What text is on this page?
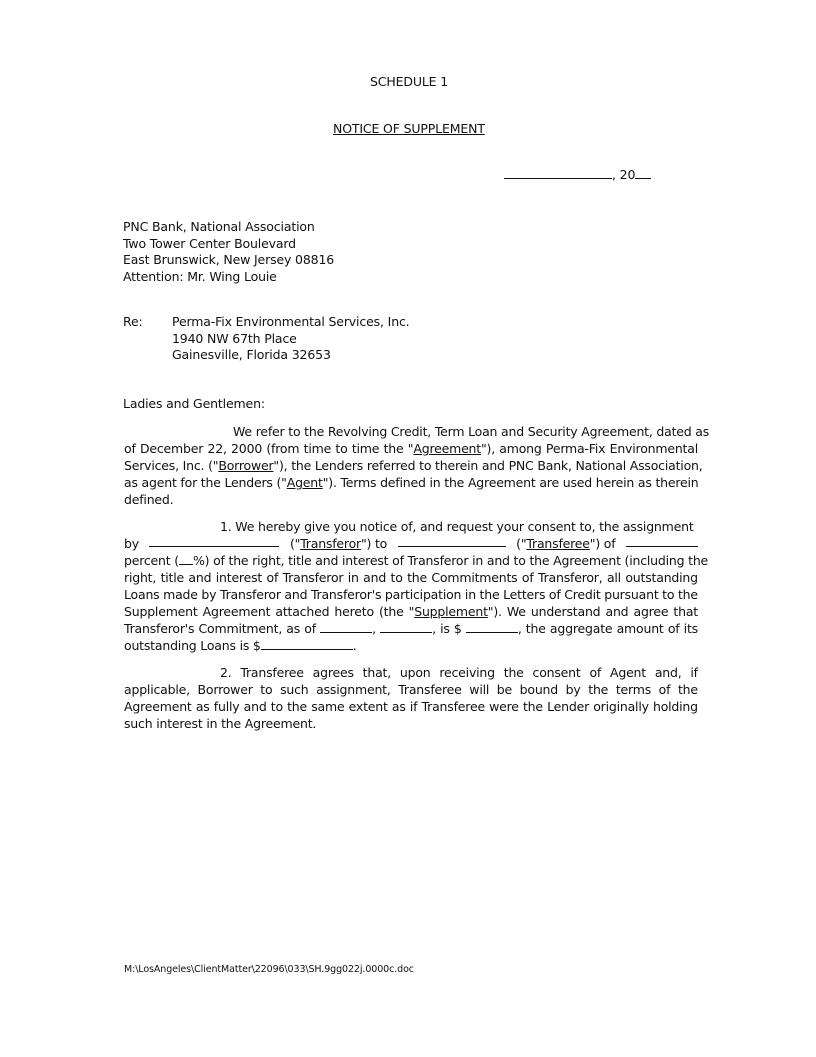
SCHEDULE 1
NOTICE OF SUPPLEMENT
, 20
PNC Bank, National Association
Two Tower Center Boulevard
East Brunswick, New Jersey 08816
Attention: Mr. Wing Louie
Re: Perma-Fix Environmental Services, Inc.
1940 NW 67th Place
Gainesville, Florida 32653
Ladies and Gentlemen:
We refer to the Revolving Credit, Term Loan and Security Agreement, dated as
of December 22, 2000 (from time to time the "Agreement"), among Perma-Fix Environmental
Services, Inc. ("Borrower"), the Lenders referred to therein and PNC Bank, National Association,
as agent for the Lenders ("Agent"). Terms defined in the Agreement are used herein as therein
defined.
1. We hereby give you notice of, and request your consent to, the assignment
by	("Transferor") to	("Transferee") of
percent ( %) of the right, title and interest of Transferor in and to the Agreement (including the
right, title and interest of Transferor in and to the Commitments of Transferor, all outstanding
Loans made by Transferor and Transferor's participation in the Letters of Credit pursuant to the
Supplement Agreement attached hereto (the "Supplement"). We understand and agree that
Transferor's Commitment, as of	,	, is $	, the aggregate amount of its
outstanding Loans is $	.
2. Transferee agrees that, upon receiving the consent of Agent and, if
applicable, Borrower to such assignment, Transferee will be bound by the terms of the
Agreement as fully and to the same extent as if Transferee were the Lender originally holding
such interest in the Agreement.
M:\LosAngeles\ClientMatter\22096\033\SH.9gg022j.0000c.doc
